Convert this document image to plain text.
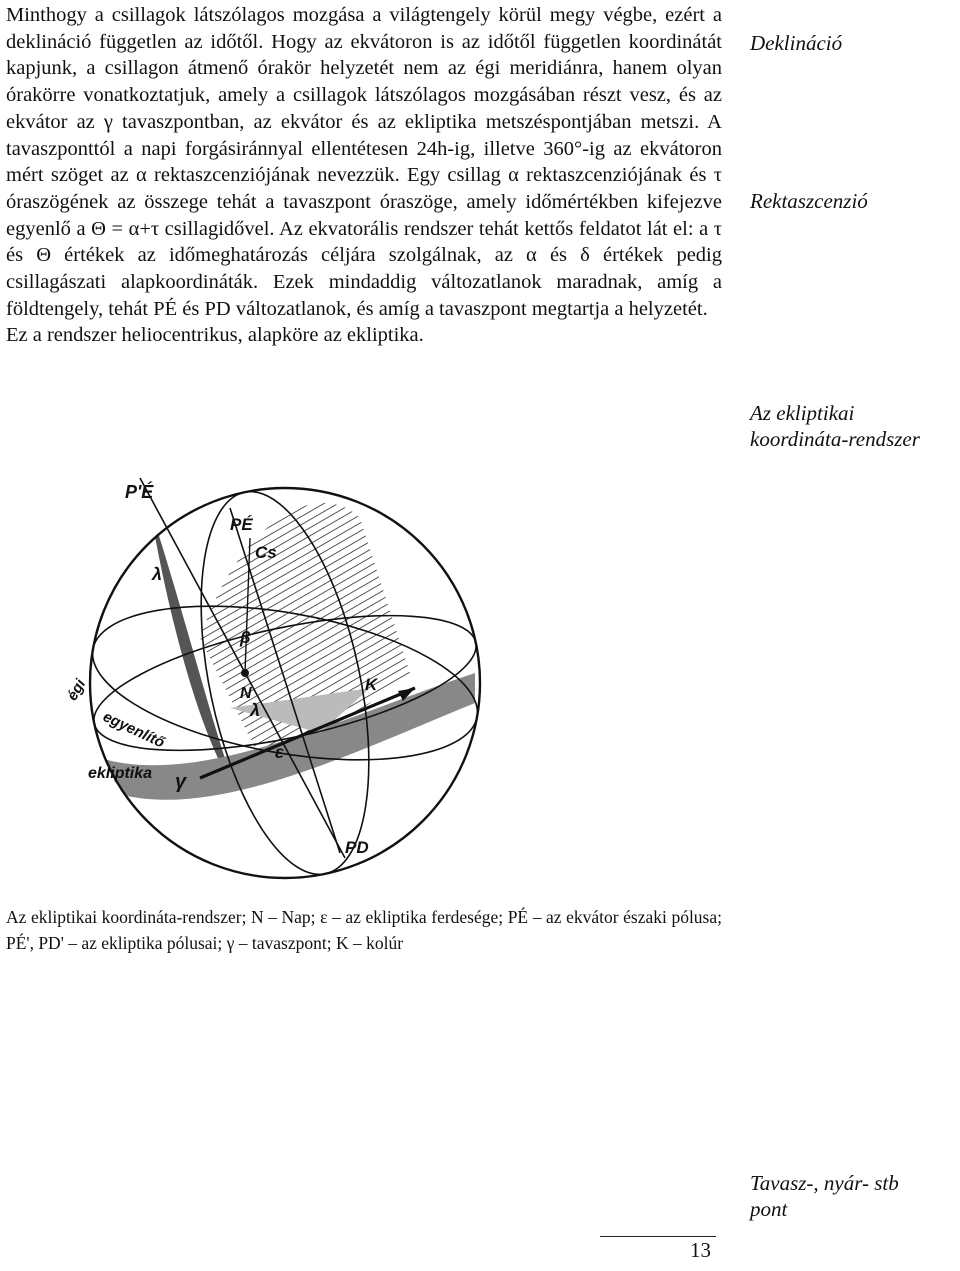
Minthogy a csillagok látszólagos mozgása a világtengely körül megy végbe, ezért a deklináció független az időtől. Hogy az ekvátoron is az időtől független koordinátát kapjunk, a csillagon átmenő órakör helyzetét nem az égi meridiánra, hanem olyan órakörre vonatkoztatjuk, amely a csillagok látszólagos mozgásában részt vesz, és az ekvátor az γ tavaszpontban, az ekvátor és az ekliptika metszéspontjában metszi. A tavaszponttól a napi forgásiránnyal ellentétesen 24h-ig, illetve 360°-ig az ekvátoron mért szöget az α rektaszcenziójának nevezzük. Egy csillag α rektaszcenziójának és τ óraszögének az összege tehát a tavaszpont óraszöge, amely időmértékben kifejezve egyenlő a Θ = α+τ csillagidővel. Az ekvatorális rendszer tehát kettős feldatot lát el: a τ és Θ értékek az időmeghatározás céljára szolgálnak, az α és δ értékek pedig csillagászati alapkoordináták. Ezek mindaddig változatlanok maradnak, amíg a földtengely, tehát PÉ és PD változatlanok, és amíg a tavaszpont megtartja a helyzetét.

Ez a rendszer heliocentrikus, alapköre az ekliptika.

Deklináció
Rektaszcenzió
Az ekliptikai
koordináta-rendszer
P'É
PÉ
Cs
λ
β
N
λ
K
ε
γ
PD
égi
egyenlítő
ekliptika
Az ekliptikai koordináta-rendszer; N – Nap; ε – az ekliptika ferdesége; PÉ – az ekvátor északi pólusa; PÉ', PD' – az ekliptika pólusai; γ – tavaszpont; K – kolúr

Tavasz-, nyár- stb
pont
13
